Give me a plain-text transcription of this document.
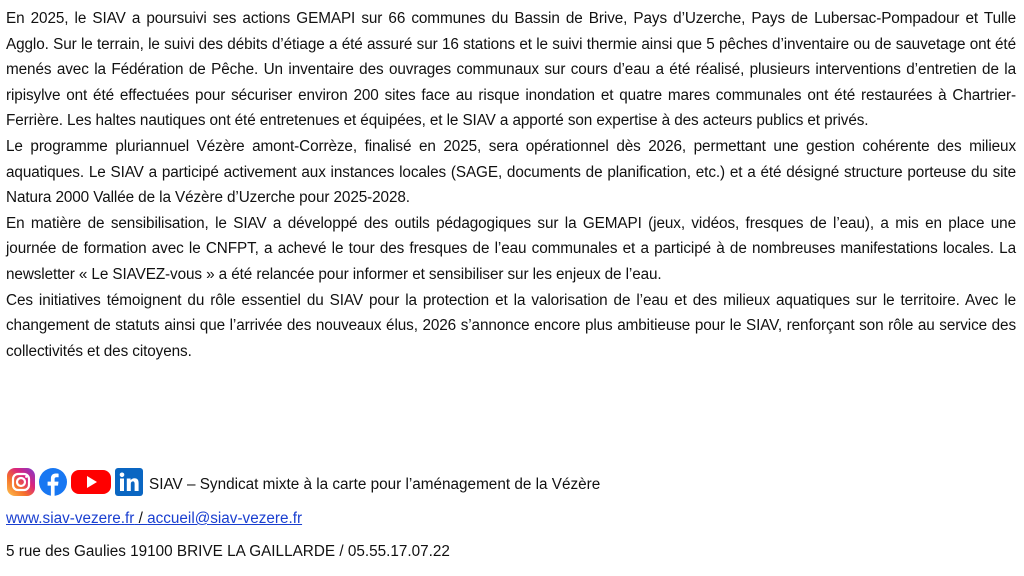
En 2025, le SIAV a poursuivi ses actions GEMAPI sur 66 communes du Bassin de Brive, Pays d’Uzerche, Pays de Lubersac-Pompadour et Tulle Agglo. Sur le terrain, le suivi des débits d’étiage a été assuré sur 16 stations et le suivi thermie ainsi que 5 pêches d’inventaire ou de sauvetage ont été menés avec la Fédération de Pêche. Un inventaire des ouvrages communaux sur cours d’eau a été réalisé, plusieurs interventions d’entretien de la ripisylve ont été effectuées pour sécuriser environ 200 sites face au risque inondation et quatre mares communales ont été restaurées à Chartrier-Ferrière. Les haltes nautiques ont été entretenues et équipées, et le SIAV a apporté son expertise à des acteurs publics et privés.

Le programme pluriannuel Vézère amont-Corrèze, finalisé en 2025, sera opérationnel dès 2026, permettant une gestion cohérente des milieux aquatiques. Le SIAV a participé activement aux instances locales (SAGE, documents de planification, etc.) et a été désigné structure porteuse du site Natura 2000 Vallée de la Vézère d’Uzerche pour 2025-2028.

En matière de sensibilisation, le SIAV a développé des outils pédagogiques sur la GEMAPI (jeux, vidéos, fresques de l’eau), a mis en place une journée de formation avec le CNFPT, a achevé le tour des fresques de l’eau communales et a participé à de nombreuses manifestations locales. La newsletter « Le SIAVEZ-vous » a été relancée pour informer et sensibiliser sur les enjeux de l’eau.

Ces initiatives témoignent du rôle essentiel du SIAV pour la protection et la valorisation de l’eau et des milieux aquatiques sur le territoire. Avec le changement de statuts ainsi que l’arrivée des nouveaux élus, 2026 s’annonce encore plus ambitieuse pour le SIAV, renforçant son rôle au service des collectivités et des citoyens.

SIAV – Syndicat mixte à la carte pour l’aménagement de la Vézère
www.siav-vezere.fr / accueil@siav-vezere.fr
5 rue des Gaulies 19100 BRIVE LA GAILLARDE / 05.55.17.07.22
